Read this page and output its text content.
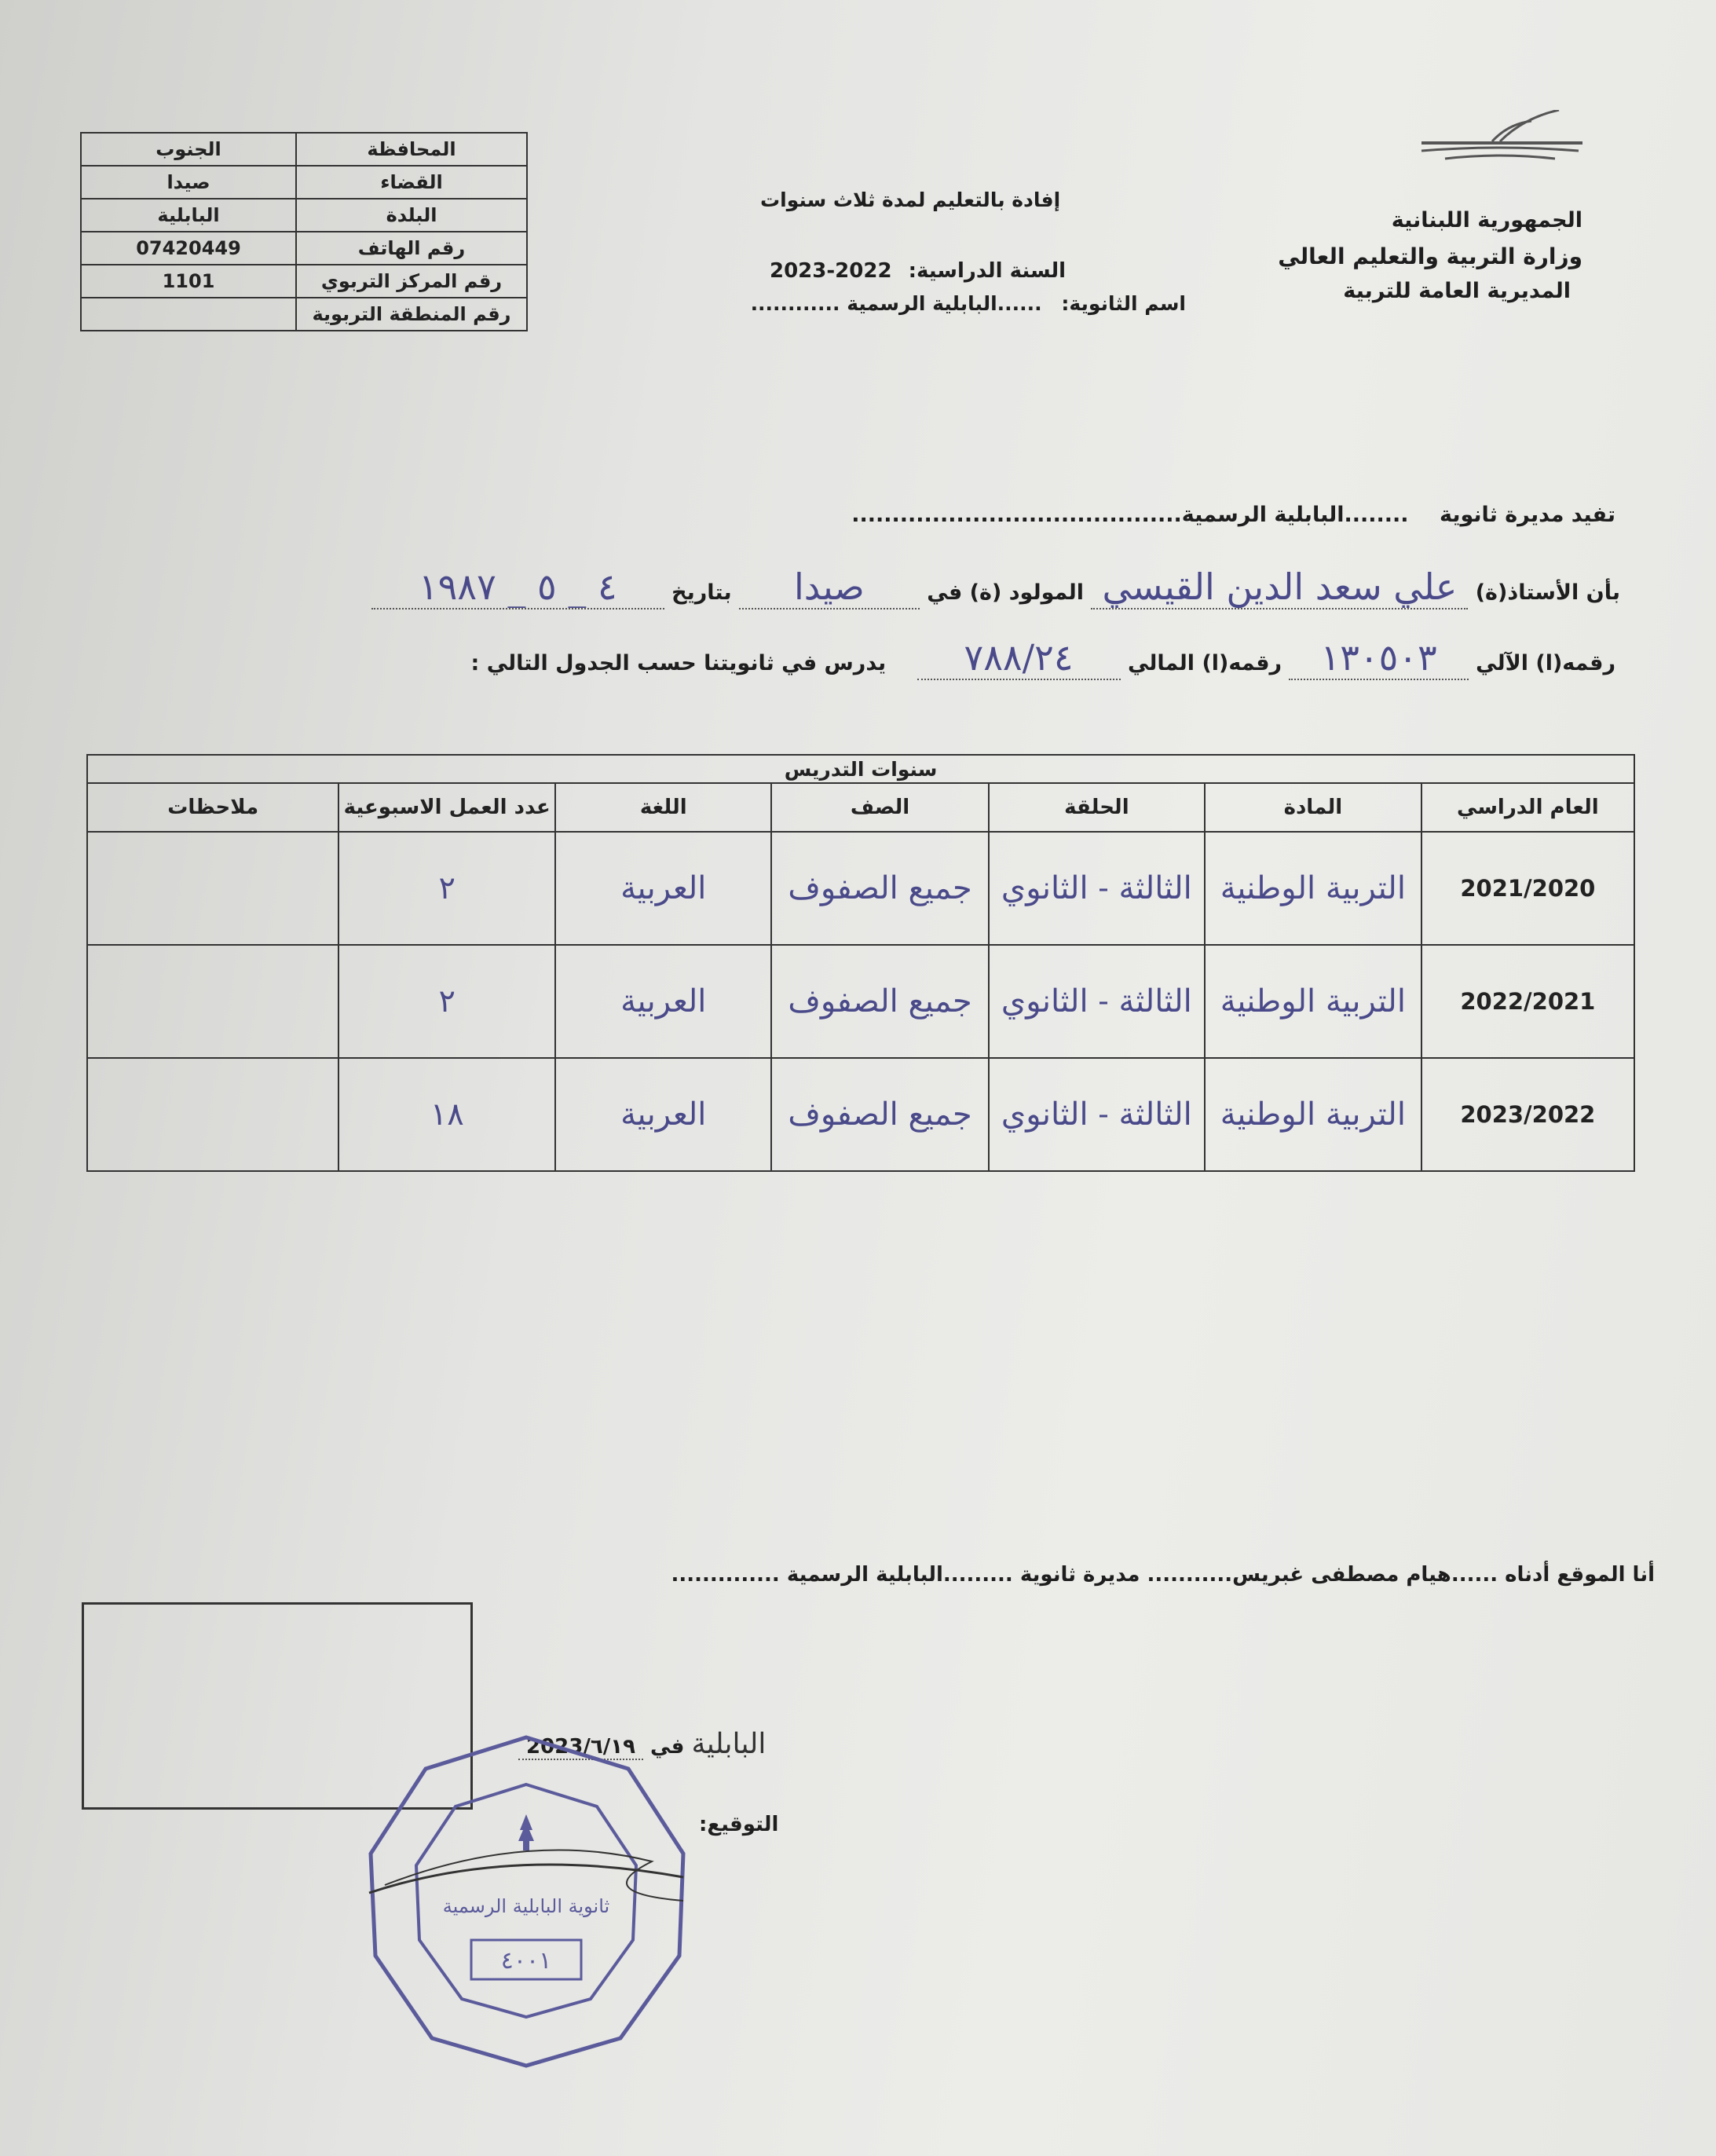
المحافظة	الجنوب
القضاء	صيدا
البلدة	البابلية
رقم الهاتف	07420449
رقم المركز التربوي	1101
رقم المنطقة التربوية	
الجمهورية اللبنانية
وزارة التربية والتعليم العالي
المديرية العامة للتربية
إفادة بالتعليم لمدة ثلاث سنوات
السنة الدراسية: 2022-2023
اسم الثانوية: ......البابلية الرسمية ............
تفيد مديرة ثانوية ........البابلية الرسمية.........................................
بأن الأستاذ(ة) علي سعد الدين القيسي المولود (ة) في صيدا بتاريخ ٤ _ ٥ _ ١٩٨٧
رقمه(ا) الآلي ١٣٠٥٠٣ رقمه(ا) المالي ٧٨٨/٢٤ يدرس في ثانويتنا حسب الجدول التالي :
سنوات التدريس						
العام الدراسي	المادة	الحلقة	الصف	اللغة	عدد العمل الاسبوعية	ملاحظات
2021/2020	التربية الوطنية	الثالثة - الثانوي	جميع الصفوف	العربية	٢	
2022/2021	التربية الوطنية	الثالثة - الثانوي	جميع الصفوف	العربية	٢	
2023/2022	التربية الوطنية	الثالثة - الثانوي	جميع الصفوف	العربية	١٨	
أنا الموقع أدناه ......هيام مصطفى غبريس........... مديرة ثانوية .........البابلية الرسمية ..............
البابلية في 2023/٦/١٩
التوقيع:
٤٠٠١
ثانوية البابلية الرسمية
